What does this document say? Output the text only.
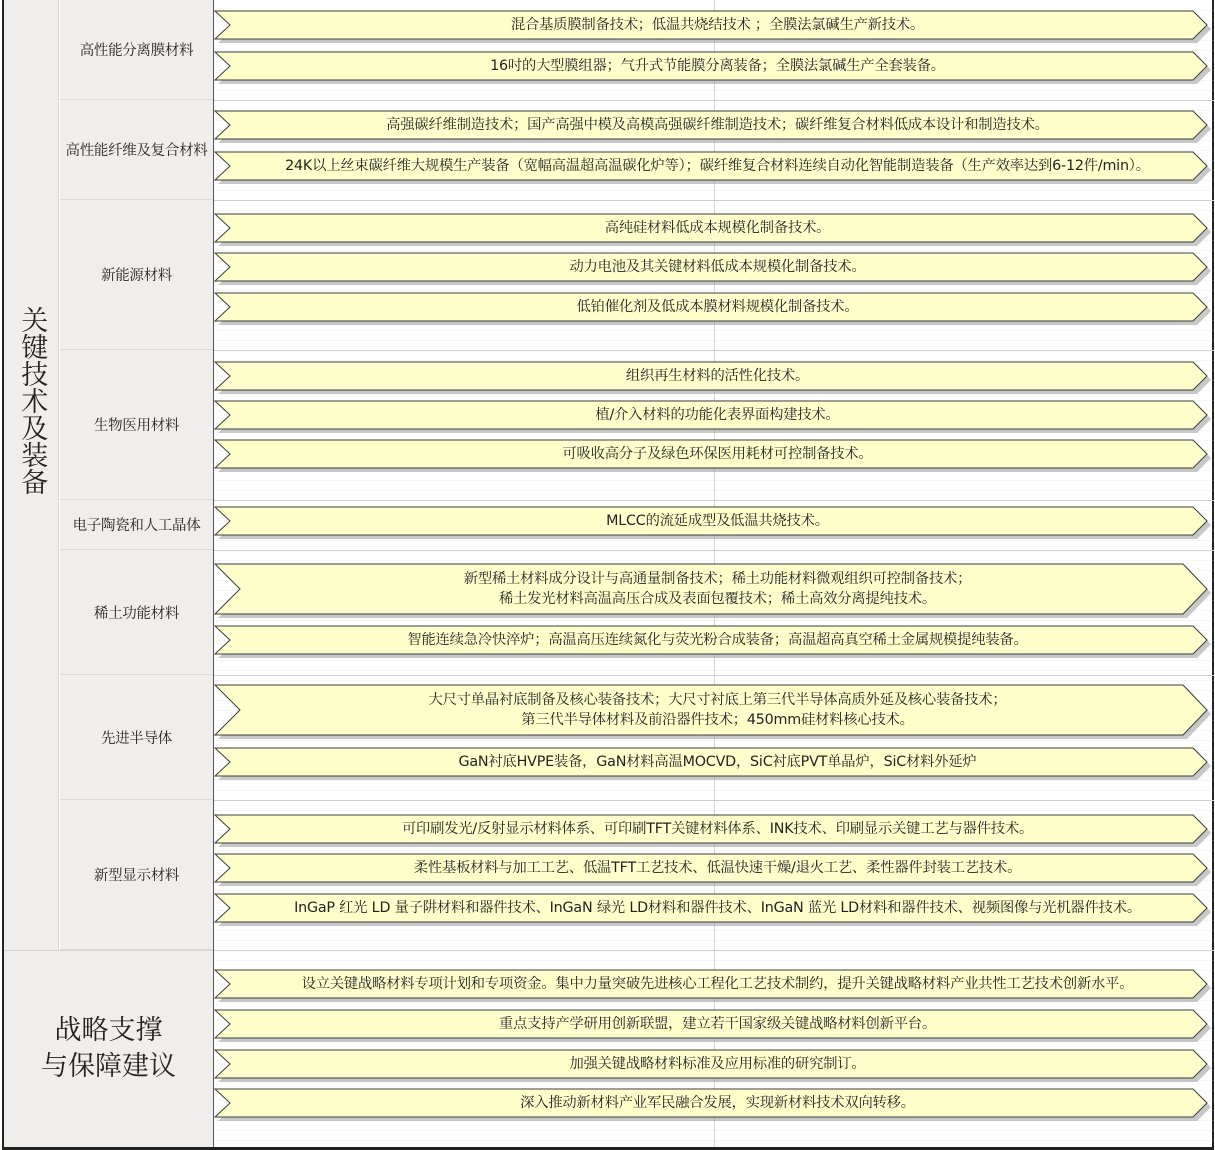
关键技术及装备
高性能分离膜材料
混合基质膜制备技术；低温共烧结技术 ；全膜法氯碱生产新技术。
16吋的大型膜组器；气升式节能膜分离装备；全膜法氯碱生产全套装备。
高性能纤维及复合材料
高强碳纤维制造技术；国产高强中模及高模高强碳纤维制造技术；碳纤维复合材料低成本设计和制造技术。
24K以上丝束碳纤维大规模生产装备（宽幅高温超高温碳化炉等）；碳纤维复合材料连续自动化智能制造装备（生产效率达到6-12件/min）。
新能源材料
高纯硅材料低成本规模化制备技术。
动力电池及其关键材料低成本规模化制备技术。
低铂催化剂及低成本膜材料规模化制备技术。
生物医用材料
组织再生材料的活性化技术。
植/介入材料的功能化表界面构建技术。
可吸收高分子及绿色环保医用耗材可控制备技术。
电子陶瓷和人工晶体	MLCC的流延成型及低温共烧技术。
稀土功能材料
新型稀土材料成分设计与高通量制备技术；稀土功能材料微观组织可控制备技术；
稀土发光材料高温高压合成及表面包覆技术；稀土高效分离提纯技术。
智能连续急冷快淬炉；高温高压连续氮化与荧光粉合成装备；高温超高真空稀土金属规模提纯装备。
先进半导体
大尺寸单晶衬底制备及核心装备技术；大尺寸衬底上第三代半导体高质外延及核心装备技术；
第三代半导体材料及前沿器件技术；450mm硅材料核心技术。
GaN衬底HVPE装备，GaN材料高温MOCVD，SiC衬底PVT单晶炉，SiC材料外延炉
新型显示材料
可印刷发光/反射显示材料体系、可印刷TFT关键材料体系、INK技术、印刷显示关键工艺与器件技术。
柔性基板材料与加工工艺、低温TFT工艺技术、低温快速干燥/退火工艺、柔性器件封装工艺技术。
InGaP 红光 LD 量子阱材料和器件技术、InGaN 绿光 LD材料和器件技术、InGaN 蓝光 LD材料和器件技术、视频图像与光机器件技术。
战略支撑
与保障建议
设立关键战略材料专项计划和专项资金。集中力量突破先进核心工程化工艺技术制约，提升关键战略材料产业共性工艺技术创新水平。
重点支持产学研用创新联盟，建立若干国家级关键战略材料创新平台。
加强关键战略材料标准及应用标准的研究制订。
深入推动新材料产业军民融合发展，实现新材料技术双向转移。
